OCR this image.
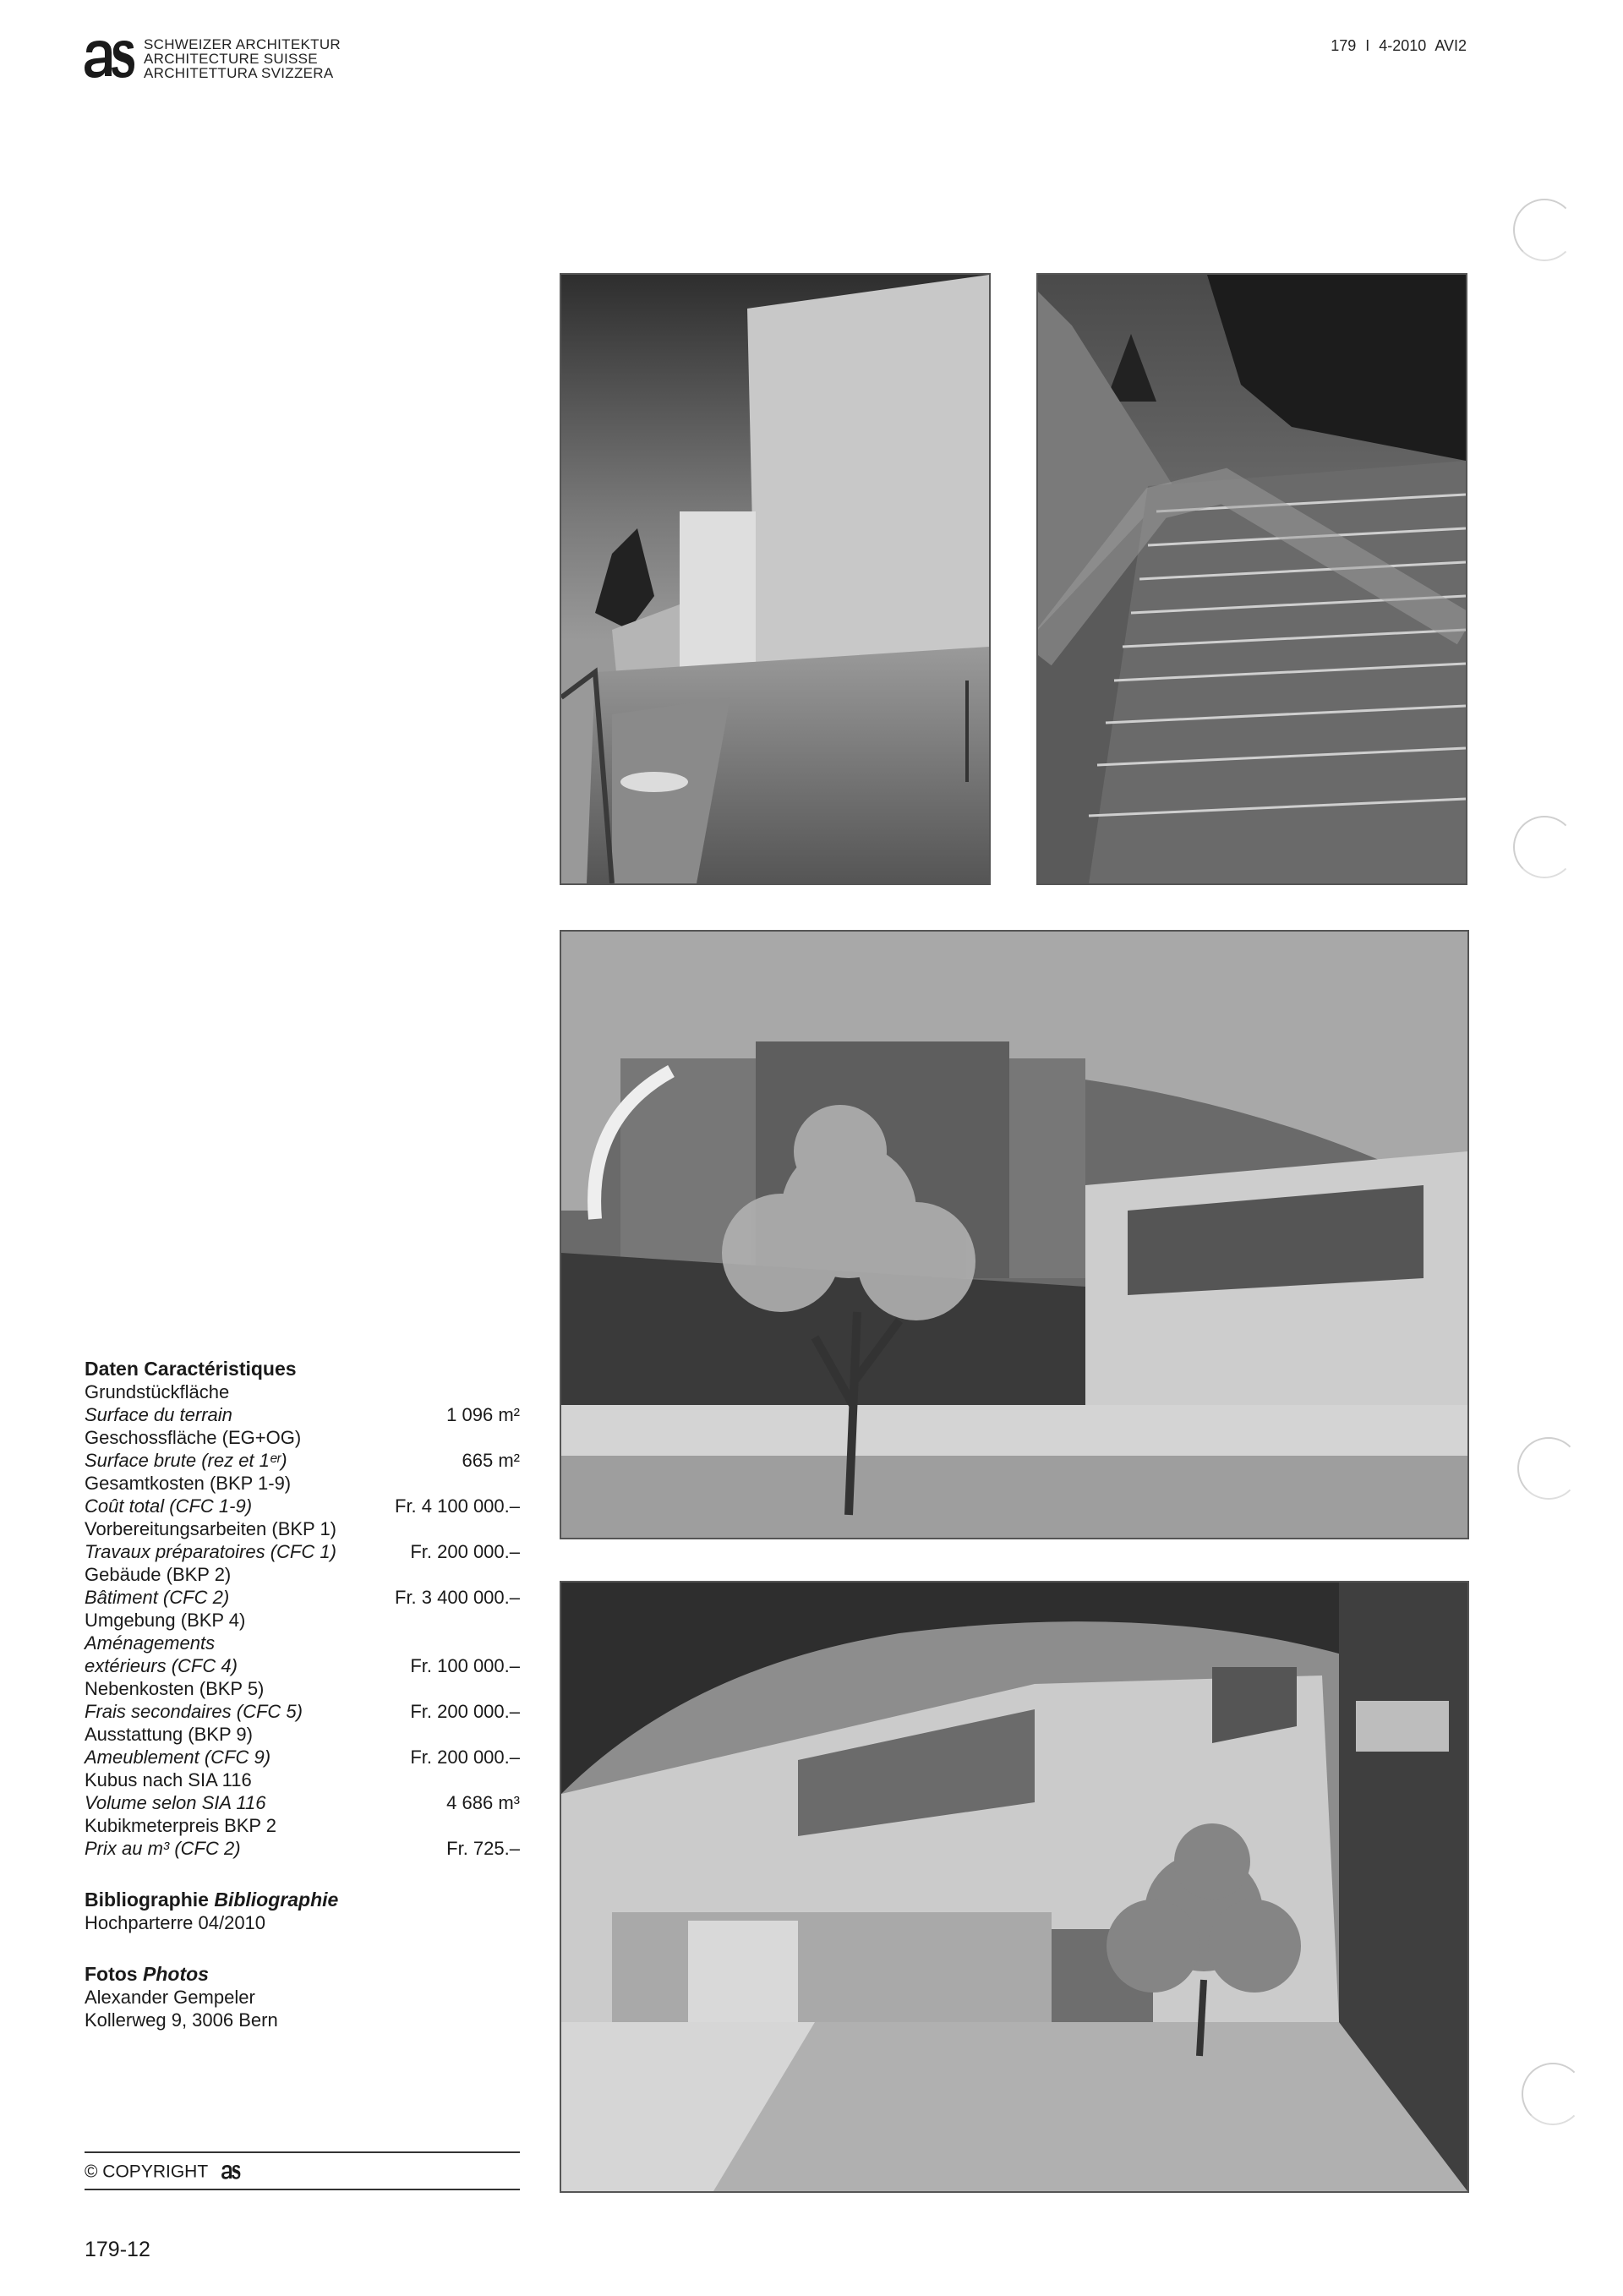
SCHWEIZER ARCHITEKTUR
ARCHITECTURE SUISSE
ARCHITETTURA SVIZZERA
179 I 4-2010 AVI2
Daten Caractéristiques
Grundstückfläche
Surface du terrain	1 096 m²
Geschossfläche (EG+OG)
Surface brute (rez et 1ᵉʳ)	665 m²
Gesamtkosten (BKP 1-9)
Coût total (CFC 1-9)	Fr. 4 100 000.–
Vorbereitungsarbeiten (BKP 1)
Travaux préparatoires (CFC 1)	Fr. 200 000.–
Gebäude (BKP 2)
Bâtiment (CFC 2)	Fr. 3 400 000.–
Umgebung (BKP 4)
Aménagements
extérieurs (CFC 4)	Fr. 100 000.–
Nebenkosten (BKP 5)
Frais secondaires (CFC 5)	Fr. 200 000.–
Ausstattung (BKP 9)
Ameublement (CFC 9)	Fr. 200 000.–
Kubus nach SIA 116
Volume selon SIA 116	4 686 m³
Kubikmeterpreis BKP 2
Prix au m³ (CFC 2)	Fr. 725.–
Bibliographie Bibliographie
Hochparterre 04/2010
Fotos Photos
Alexander Gempeler
Kollerweg 9, 3006 Bern
© COPYRIGHT
179-12
